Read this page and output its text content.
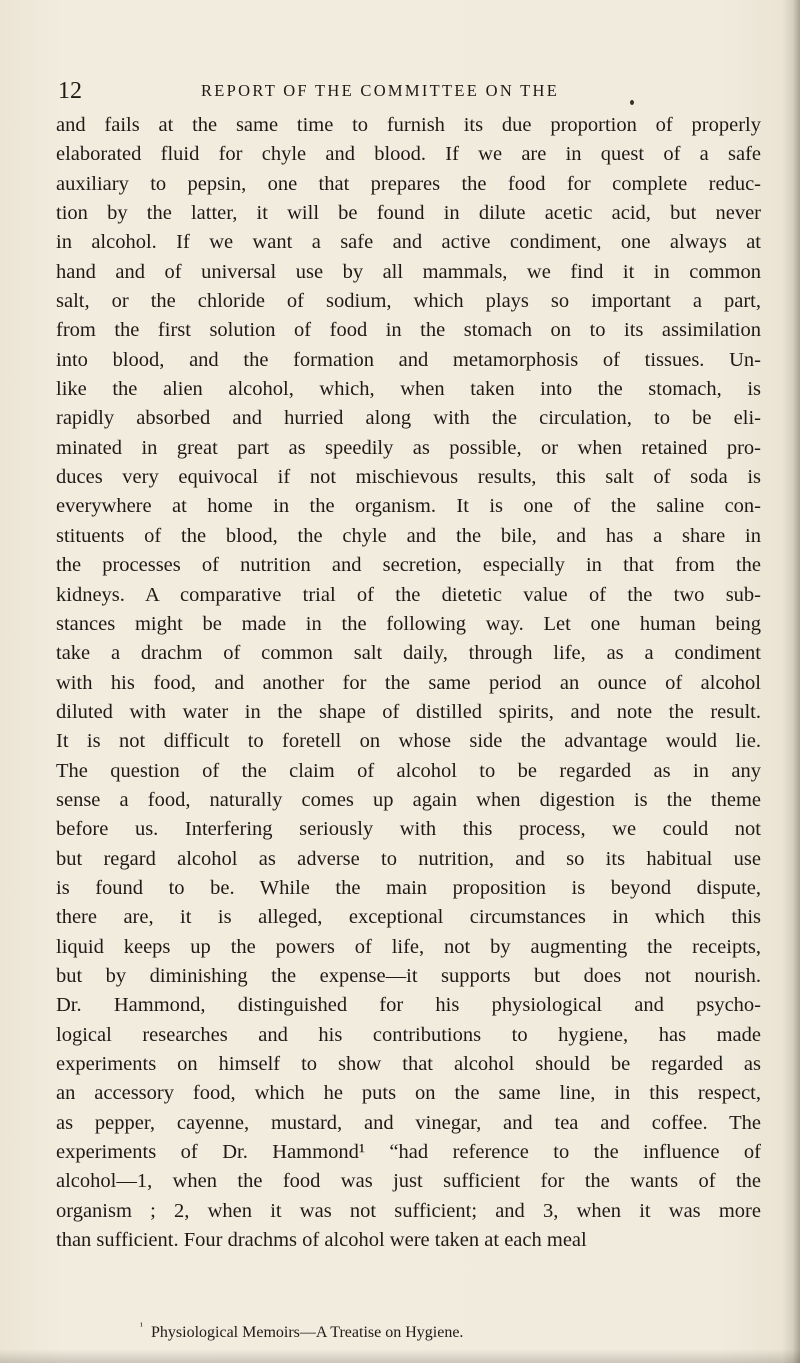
12	REPORT OF THE COMMITTEE ON THE
and fails at the same time to furnish its due proportion of properly
elaborated fluid for chyle and blood. If we are in quest of a safe
auxiliary to pepsin, one that prepares the food for complete reduc-
tion by the latter, it will be found in dilute acetic acid, but never
in alcohol. If we want a safe and active condiment, one always at
hand and of universal use by all mammals, we find it in common
salt, or the chloride of sodium, which plays so important a part,
from the first solution of food in the stomach on to its assimilation
into blood, and the formation and metamorphosis of tissues. Un-
like the alien alcohol, which, when taken into the stomach, is
rapidly absorbed and hurried along with the circulation, to be eli-
minated in great part as speedily as possible, or when retained pro-
duces very equivocal if not mischievous results, this salt of soda is
everywhere at home in the organism. It is one of the saline con-
stituents of the blood, the chyle and the bile, and has a share in
the processes of nutrition and secretion, especially in that from the
kidneys. A comparative trial of the dietetic value of the two sub-
stances might be made in the following way. Let one human being
take a drachm of common salt daily, through life, as a condiment
with his food, and another for the same period an ounce of alcohol
diluted with water in the shape of distilled spirits, and note the result.
It is not difficult to foretell on whose side the advantage would lie.
The question of the claim of alcohol to be regarded as in any
sense a food, naturally comes up again when digestion is the theme
before us. Interfering seriously with this process, we could not
but regard alcohol as adverse to nutrition, and so its habitual use
is found to be. While the main proposition is beyond dispute,
there are, it is alleged, exceptional circumstances in which this
liquid keeps up the powers of life, not by augmenting the receipts,
but by diminishing the expense—it supports but does not nourish.
Dr. Hammond, distinguished for his physiological and psycho-
logical researches and his contributions to hygiene, has made
experiments on himself to show that alcohol should be regarded as
an accessory food, which he puts on the same line, in this respect,
as pepper, cayenne, mustard, and vinegar, and tea and coffee. The
experiments of Dr. Hammond¹ “had reference to the influence of
alcohol—1, when the food was just sufficient for the wants of the
organism ; 2, when it was not sufficient; and 3, when it was more
than sufficient. Four drachms of alcohol were taken at each meal
$^{^1}$ Physiological Memoirs—A Treatise on Hygiene.
